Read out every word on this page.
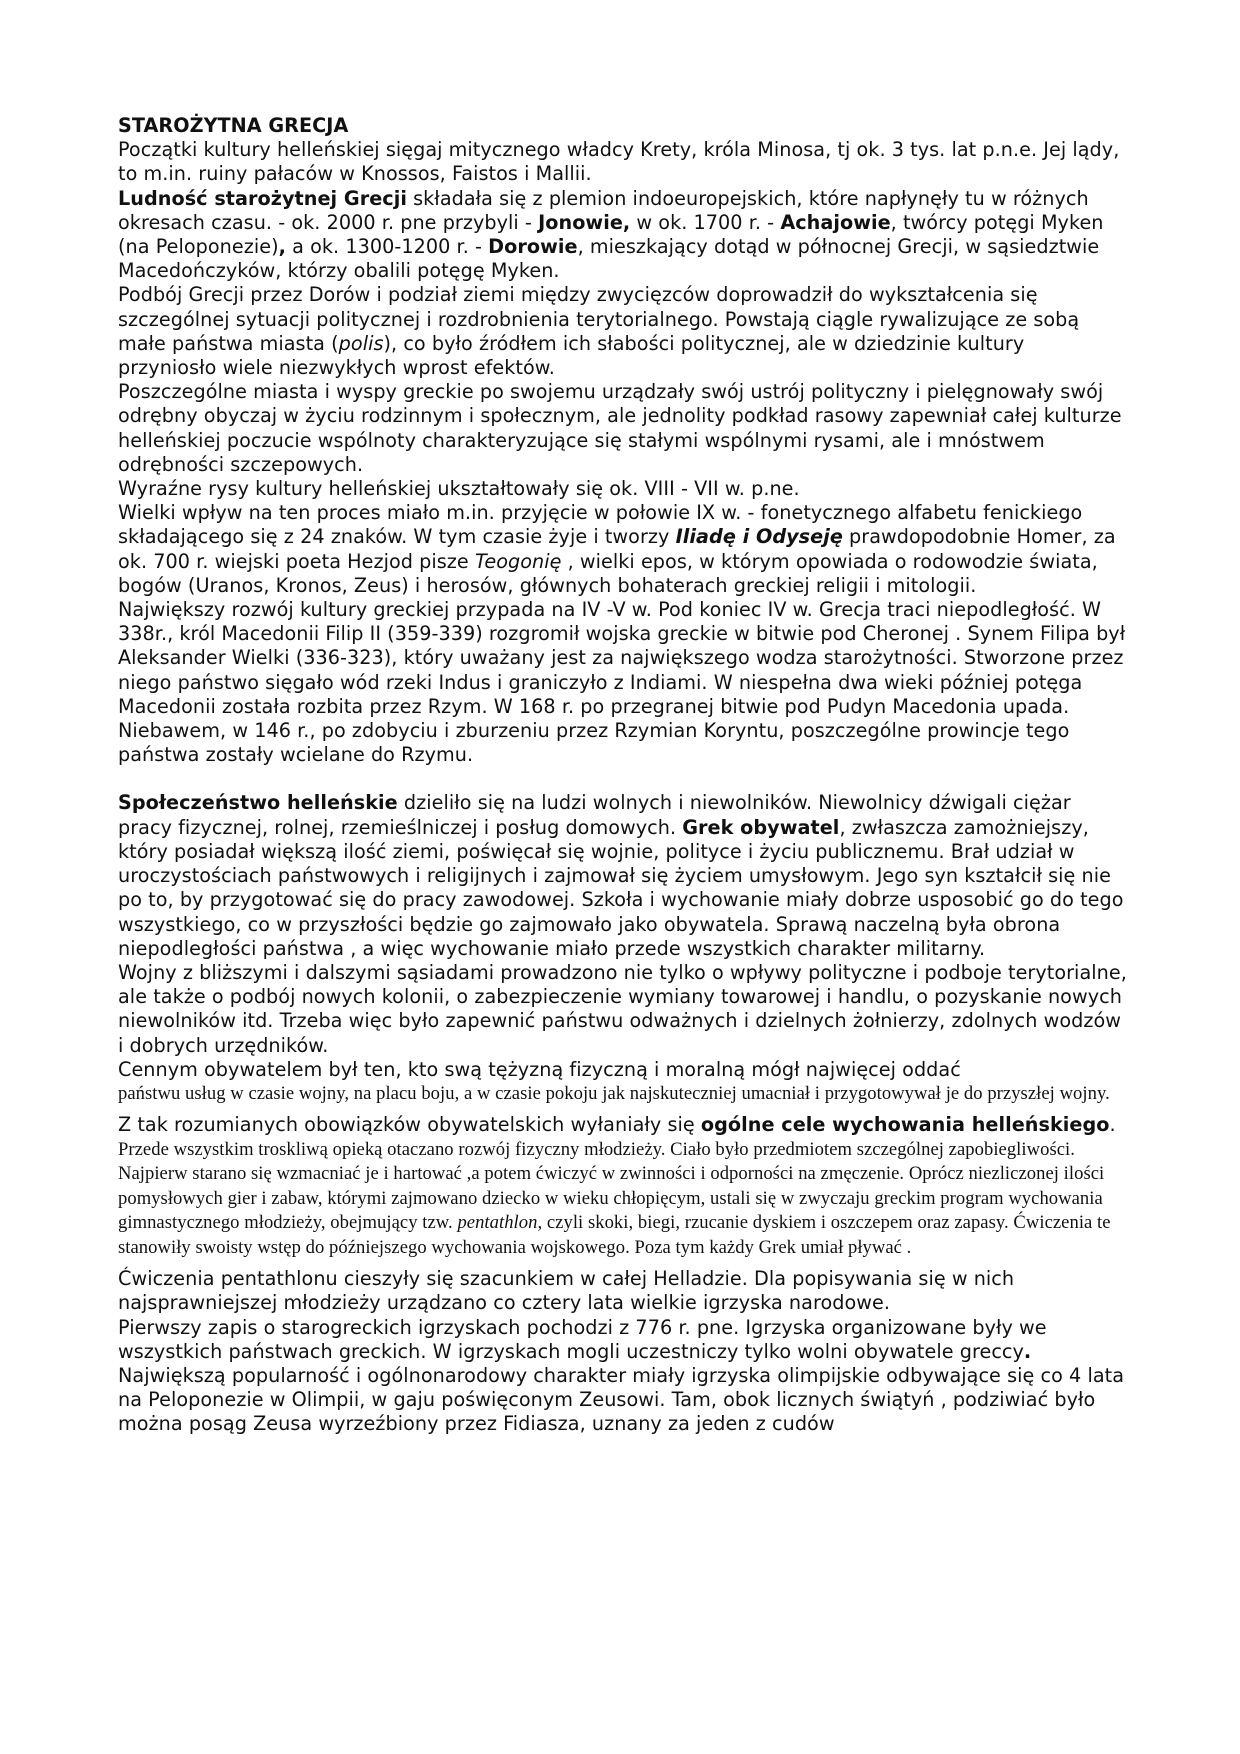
STAROŻYTNA GRECJA

Początki kultury helleńskiej sięgaj mitycznego władcy Krety, króla Minosa, tj ok. 3 tys. lat p.n.e. Jej lądy, to m.in. ruiny pałaców w Knossos, Faistos i Mallii.

Ludność starożytnej Grecji składała się z plemion indoeuropejskich, które napłynęły tu w różnych okresach czasu. - ok. 2000 r. pne przybyli - Jonowie, w ok. 1700 r. - Achajowie, twórcy potęgi Myken (na Peloponezie), a ok. 1300-1200 r. - Dorowie, mieszkający dotąd w północnej Grecji, w sąsiedztwie Macedończyków, którzy obalili potęgę Myken.

Podbój Grecji przez Dorów i podział ziemi między zwycięzców doprowadził do wykształcenia się szczególnej sytuacji politycznej i rozdrobnienia terytorialnego. Powstają ciągle rywalizujące ze sobą małe państwa miasta (polis), co było źródłem ich słabości politycznej, ale w dziedzinie kultury przyniosło wiele niezwykłych wprost efektów.

Poszczególne miasta i wyspy greckie po swojemu urządzały swój ustrój polityczny i pielęgnowały swój odrębny obyczaj w życiu rodzinnym i społecznym, ale jednolity podkład rasowy zapewniał całej kulturze helleńskiej poczucie wspólnoty charakteryzujące się stałymi wspólnymi rysami, ale i mnóstwem odrębności szczepowych.

Wyraźne rysy kultury helleńskiej ukształtowały się ok. VIII - VII w. p.ne.

Wielki wpływ na ten proces miało m.in. przyjęcie w połowie IX w. - fonetycznego alfabetu fenickiego składającego się z 24 znaków. W tym czasie żyje i tworzy Iliadę i Odyseję prawdopodobnie Homer, za

ok. 700 r. wiejski poeta Hezjod pisze Teogonię , wielki epos, w którym opowiada o rodowodzie świata, bogów (Uranos, Kronos, Zeus) i herosów, głównych bohaterach greckiej religii i mitologii.

Największy rozwój kultury greckiej przypada na IV -V w. Pod koniec IV w. Grecja traci niepodległość. W 338r., król Macedonii Filip II (359-339) rozgromił wojska greckie w bitwie pod Cheronej . Synem Filipa był Aleksander Wielki (336-323), który uważany jest za największego wodza starożytności. Stworzone przez niego państwo sięgało wód rzeki Indus i graniczyło z Indiami. W niespełna dwa wieki później potęga Macedonii została rozbita przez Rzym. W 168 r. po przegranej bitwie pod Pudyn Macedonia upada.

Niebawem, w 146 r., po zdobyciu i zburzeniu przez Rzymian Koryntu, poszczególne prowincje tego państwa zostały wcielane do Rzymu.

Społeczeństwo helleńskie dzieliło się na ludzi wolnych i niewolników. Niewolnicy dźwigali ciężar pracy fizycznej, rolnej, rzemieślniczej i posług domowych. Grek obywatel, zwłaszcza zamożniejszy, który posiadał większą ilość ziemi, poświęcał się wojnie, polityce i życiu publicznemu. Brał udział w uroczystościach państwowych i religijnych i zajmował się życiem umysłowym. Jego syn kształcił się nie po to, by przygotować się do pracy zawodowej. Szkoła i wychowanie miały dobrze usposobić go do tego wszystkiego, co w przyszłości będzie go zajmowało jako obywatela. Sprawą naczelną była obrona niepodległości państwa , a więc wychowanie miało przede wszystkich charakter militarny.

Wojny z bliższymi i dalszymi sąsiadami prowadzono nie tylko o wpływy polityczne i podboje terytorialne, ale także o podbój nowych kolonii, o zabezpieczenie wymiany towarowej i handlu, o pozyskanie nowych niewolników itd. Trzeba więc było zapewnić państwu odważnych i dzielnych żołnierzy, zdolnych wodzów i dobrych urzędników.

Cennym obywatelem był ten, kto swą tężyzną fizyczną i moralną mógł najwięcej oddać

państwu usług w czasie wojny, na placu boju, a w czasie pokoju jak najskuteczniej umacniał i przygotowywał je do przyszłej wojny.

Z tak rozumianych obowiązków obywatelskich wyłaniały się ogólne cele wychowania helleńskiego.

Przede wszystkim troskliwą opieką otaczano rozwój fizyczny młodzieży. Ciało było przedmiotem szczególnej zapobiegliwości. Najpierw starano się wzmacniać je i hartować ,a potem ćwiczyć w zwinności i odporności na zmęczenie. Oprócz niezliczonej ilości pomysłowych gier i zabaw, którymi zajmowano dziecko w wieku chłopięcym, ustali się w zwyczaju greckim program wychowania gimnastycznego młodzieży, obejmujący tzw. pentathlon, czyli skoki, biegi, rzucanie dyskiem i oszczepem oraz zapasy. Ćwiczenia te stanowiły swoisty wstęp do późniejszego wychowania wojskowego. Poza tym każdy Grek umiał pływać .

Ćwiczenia pentathlonu cieszyły się szacunkiem w całej Helladzie. Dla popisywania się w nich najsprawniejszej młodzieży urządzano co cztery lata wielkie igrzyska narodowe.

Pierwszy zapis o starogreckich igrzyskach pochodzi z 776 r. pne. Igrzyska organizowane były we wszystkich państwach greckich. W igrzyskach mogli uczestniczy tylko wolni obywatele greccy.

Największą popularność i ogólnonarodowy charakter miały igrzyska olimpijskie odbywające się co 4 lata na Peloponezie w Olimpii, w gaju poświęconym Zeusowi. Tam, obok licznych świątyń , podziwiać było można posąg Zeusa wyrzeźbiony przez Fidiasza, uznany za jeden z cudów
